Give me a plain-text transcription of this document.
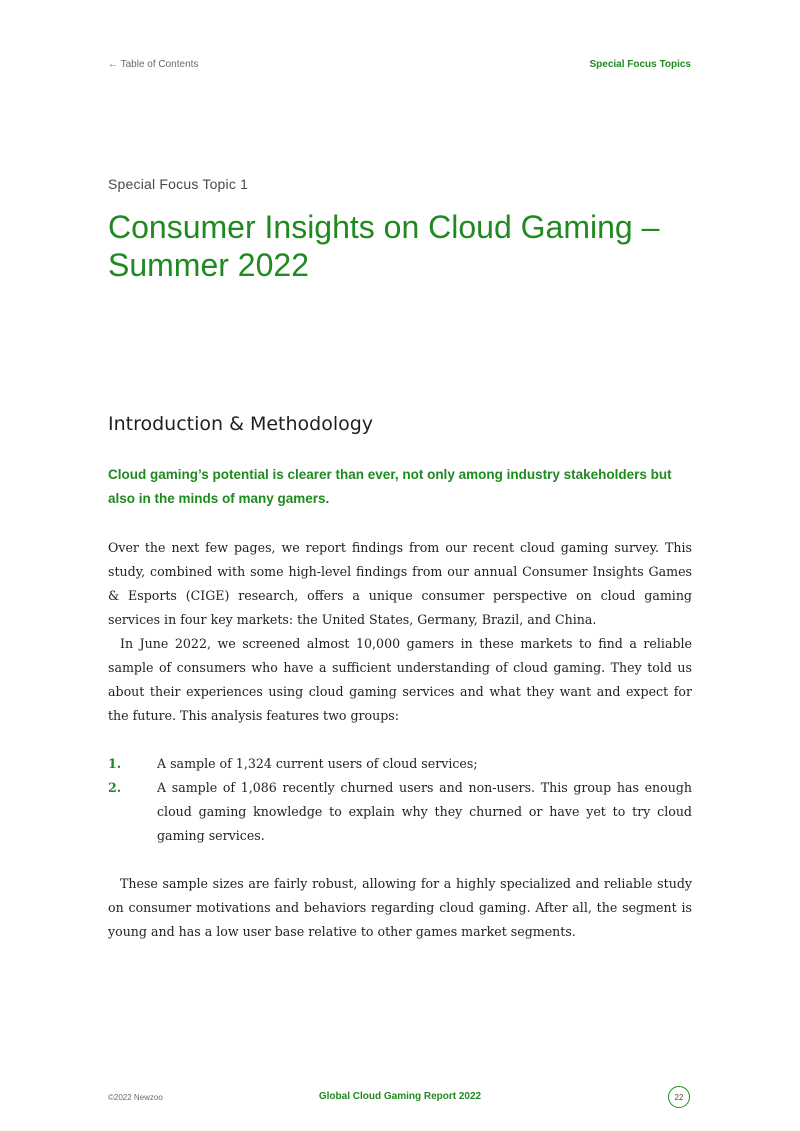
← Table of Contents	Special Focus Topics
Special Focus Topic 1
Consumer Insights on Cloud Gaming – Summer 2022
Introduction & Methodology

Cloud gaming’s potential is clearer than ever, not only among industry stakeholders but also in the minds of many gamers.

Over the next few pages, we report findings from our recent cloud gaming survey. This study, combined with some high-level findings from our annual Consumer Insights Games & Esports (CIGE) research, offers a unique consumer perspective on cloud gaming services in four key markets: the United States, Germany, Brazil, and China.

In June 2022, we screened almost 10,000 gamers in these markets to find a reliable sample of consumers who have a sufficient understanding of cloud gaming. They told us about their experiences using cloud gaming services and what they want and expect for the future. This analysis features two groups:

1.	A sample of 1,324 current users of cloud services;
2.	A sample of 1,086 recently churned users and non-users. This group has enough cloud gaming knowledge to explain why they churned or have yet to try cloud gaming services.

These sample sizes are fairly robust, allowing for a highly specialized and reliable study on consumer motivations and behaviors regarding cloud gaming. After all, the segment is young and has a low user base relative to other games market segments.

©2022 Newzoo	Global Cloud Gaming Report 2022	22
